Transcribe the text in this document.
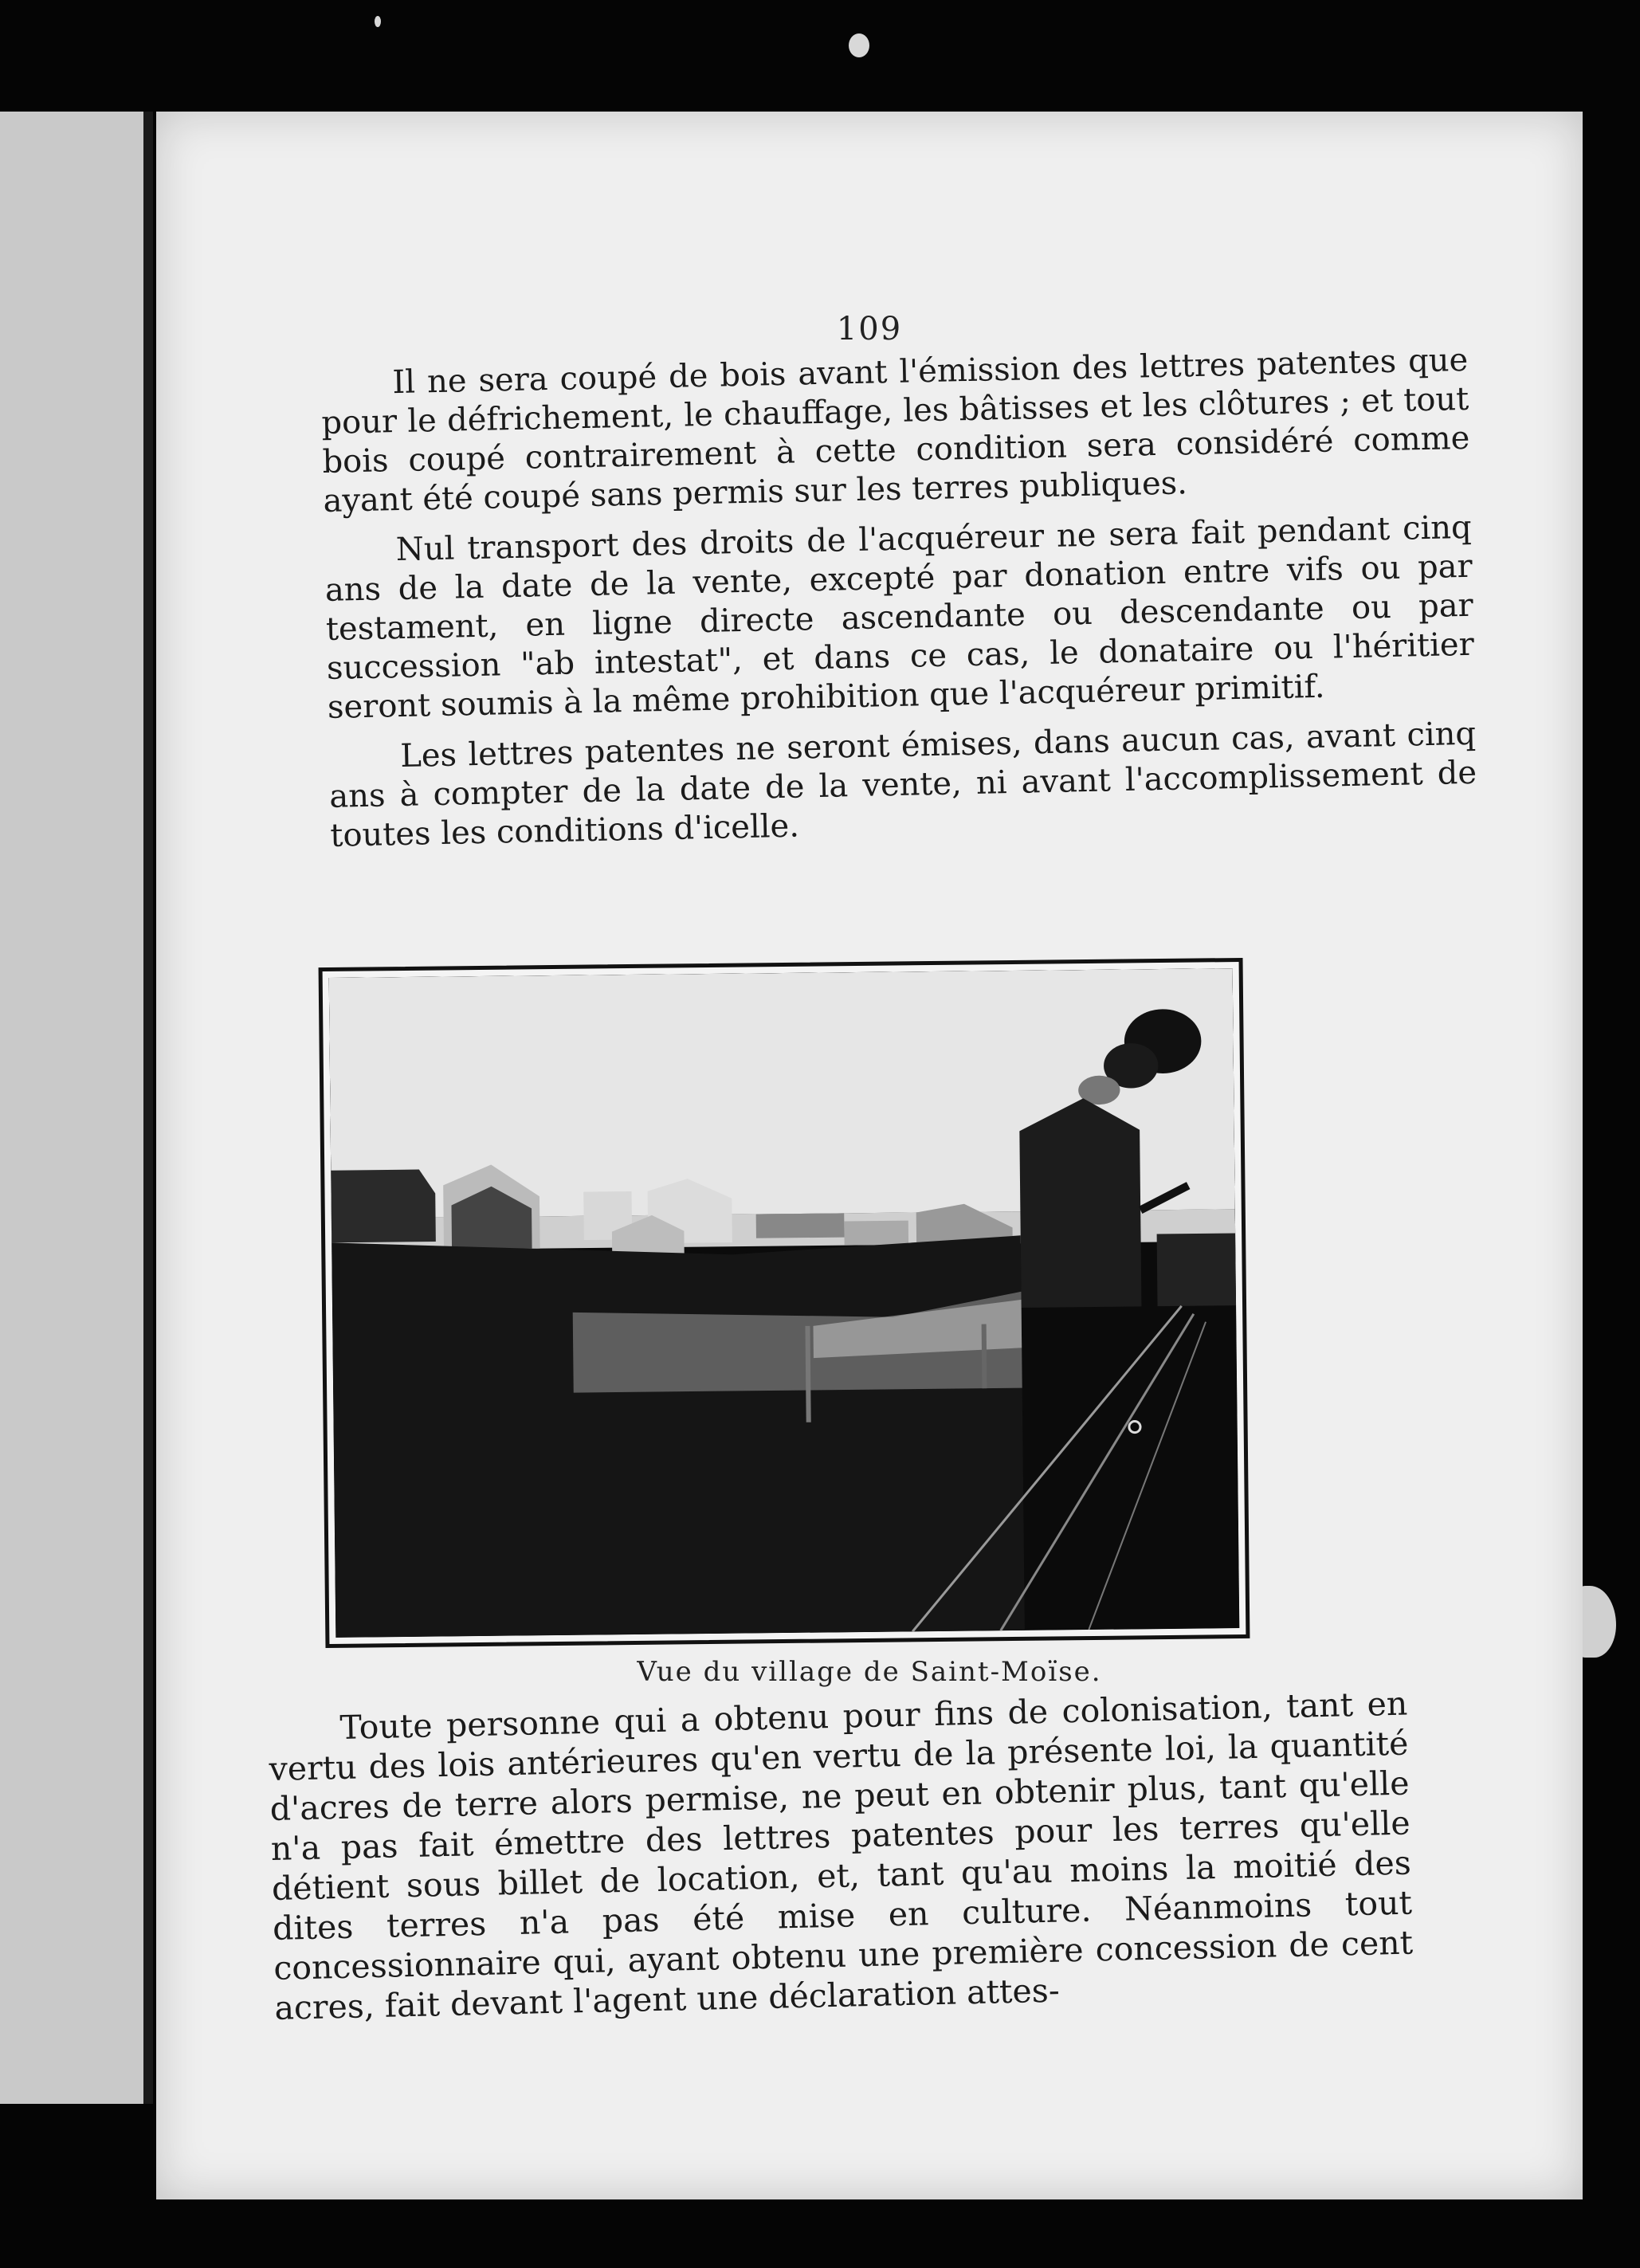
109

Il ne sera coupé de bois avant l'émission des lettres patentes que pour le défrichement, le chauffage, les bâtisses et les clôtures ; et tout bois coupé contrairement à cette condition sera considéré comme ayant été coupé sans permis sur les terres publiques.

Nul transport des droits de l'acquéreur ne sera fait pendant cinq ans de la date de la vente, excepté par donation entre vifs ou par testament, en ligne directe ascendante ou descendante ou par succession "ab intestat", et dans ce cas, le donataire ou l'héritier seront soumis à la même prohibition que l'acquéreur primitif.

Les lettres patentes ne seront émises, dans aucun cas, avant cinq ans à compter de la date de la vente, ni avant l'accomplissement de toutes les conditions d'icelle.

Vue du village de Saint-Moïse.

Toute personne qui a obtenu pour fins de colonisation, tant en vertu des lois antérieures qu'en vertu de la présente loi, la quantité d'acres de terre alors permise, ne peut en obtenir plus, tant qu'elle n'a pas fait émettre des lettres patentes pour les terres qu'elle détient sous billet de location, et, tant qu'au moins la moitié des dites terres n'a pas été mise en culture. Néanmoins tout concessionnaire qui, ayant obtenu une première concession de cent acres, fait devant l'agent une déclaration attes-
